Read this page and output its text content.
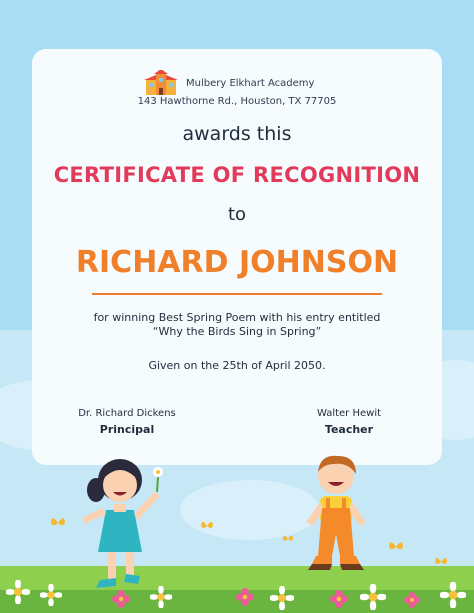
Mulbery Elkhart Academy
143 Hawthorne Rd., Houston, TX 77705
awards this
CERTIFICATE OF RECOGNITION
to
RICHARD JOHNSON
for winning Best Spring Poem with his entry entitled
“Why the Birds Sing in Spring”
Given on the 25th of April 2050.
Dr. Richard Dickens
Principal
Walter Hewit
Teacher
